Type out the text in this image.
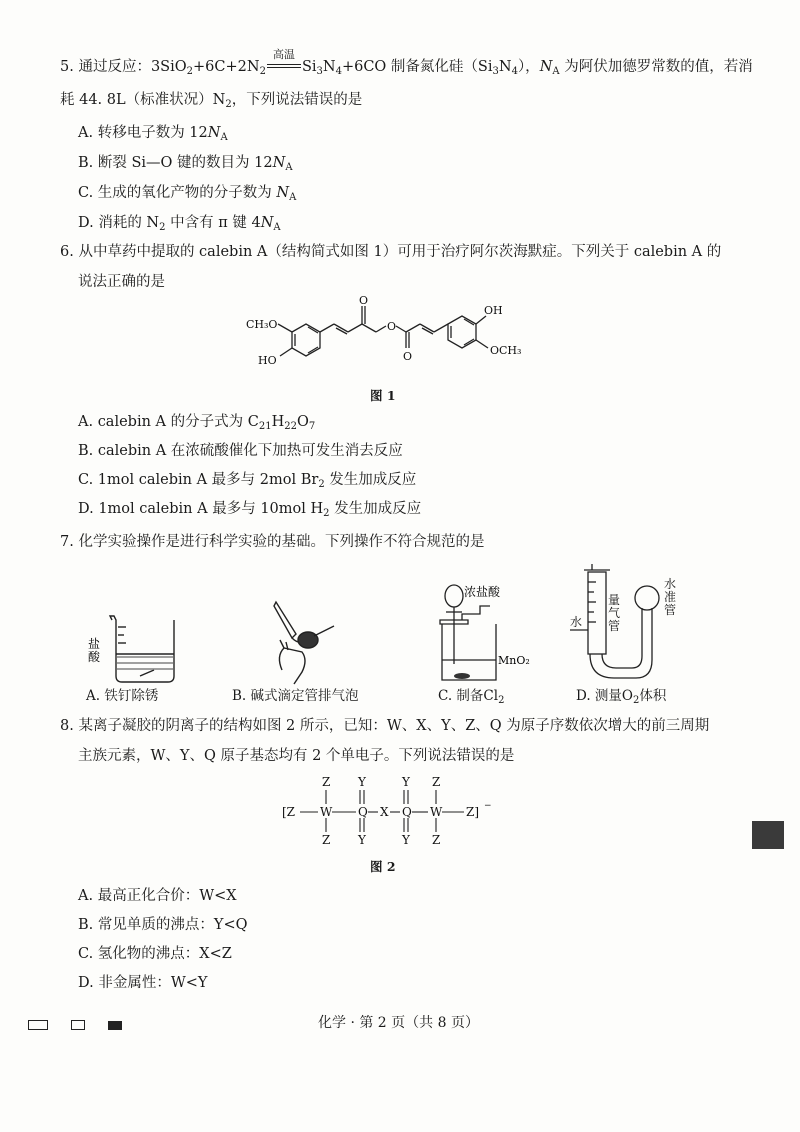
5. 通过反应：$3SiO_2+6C+2N_2$
高温
$Si_3N_4+6CO$ 制备氮化硅$(Si_3N_4)$，$N_A$ 为阿伏加德罗常数的值，若消
耗 44. 8L（标准状况）$N_2$，下列说法错误的是
A. 转移电子数为 $12N_A$
B. 断裂 Si—O 键的数目为 $12N_A$
C. 生成的氧化产物的分子数为 $N_A$
D. 消耗的 $N_2$ 中含有 π 键 $4N_A$
6. 从中草药中提取的 calebin A（结构简式如图 1）可用于治疗阿尔茨海默症。下列关于 calebin A 的
说法正确的是
CH₃O
HO
O
O
O
OH
OCH₃
图 1
A. calebin A 的分子式为 $C_{21}H_{22}O_7$
B. calebin A 在浓硫酸催化下加热可发生消去反应
C. 1mol calebin A 最多与 2mol $Br_2$ 发生加成反应
D. 1mol calebin A 最多与 10mol $H_2$ 发生加成反应
7. 化学实验操作是进行科学实验的基础。下列操作不符合规范的是
盐酸
浓盐酸
MnO₂
水
量气管
水准管
A. 铁钉除锈	B. 碱式滴定管排气泡	C. 制备$Cl_2$	D. 测量$O_2$体积
8. 某离子凝胶的阴离子的结构如图 2 所示，已知：W、X、Y、Z、Q 为原子序数依次增大的前三周期
主族元素，W、Y、Q 原子基态均有 2 个单电子。下列说法错误的是
[Z W Q X Q W Z] −
Z Y	Y Z
Z Y	Y Z
图 2
A. 最高正化合价：W<X
B. 常见单质的沸点：Y<Q
C. 氢化物的沸点：X<Z
D. 非金属性：W<Y

化学 · 第 2 页（共 8 页）
